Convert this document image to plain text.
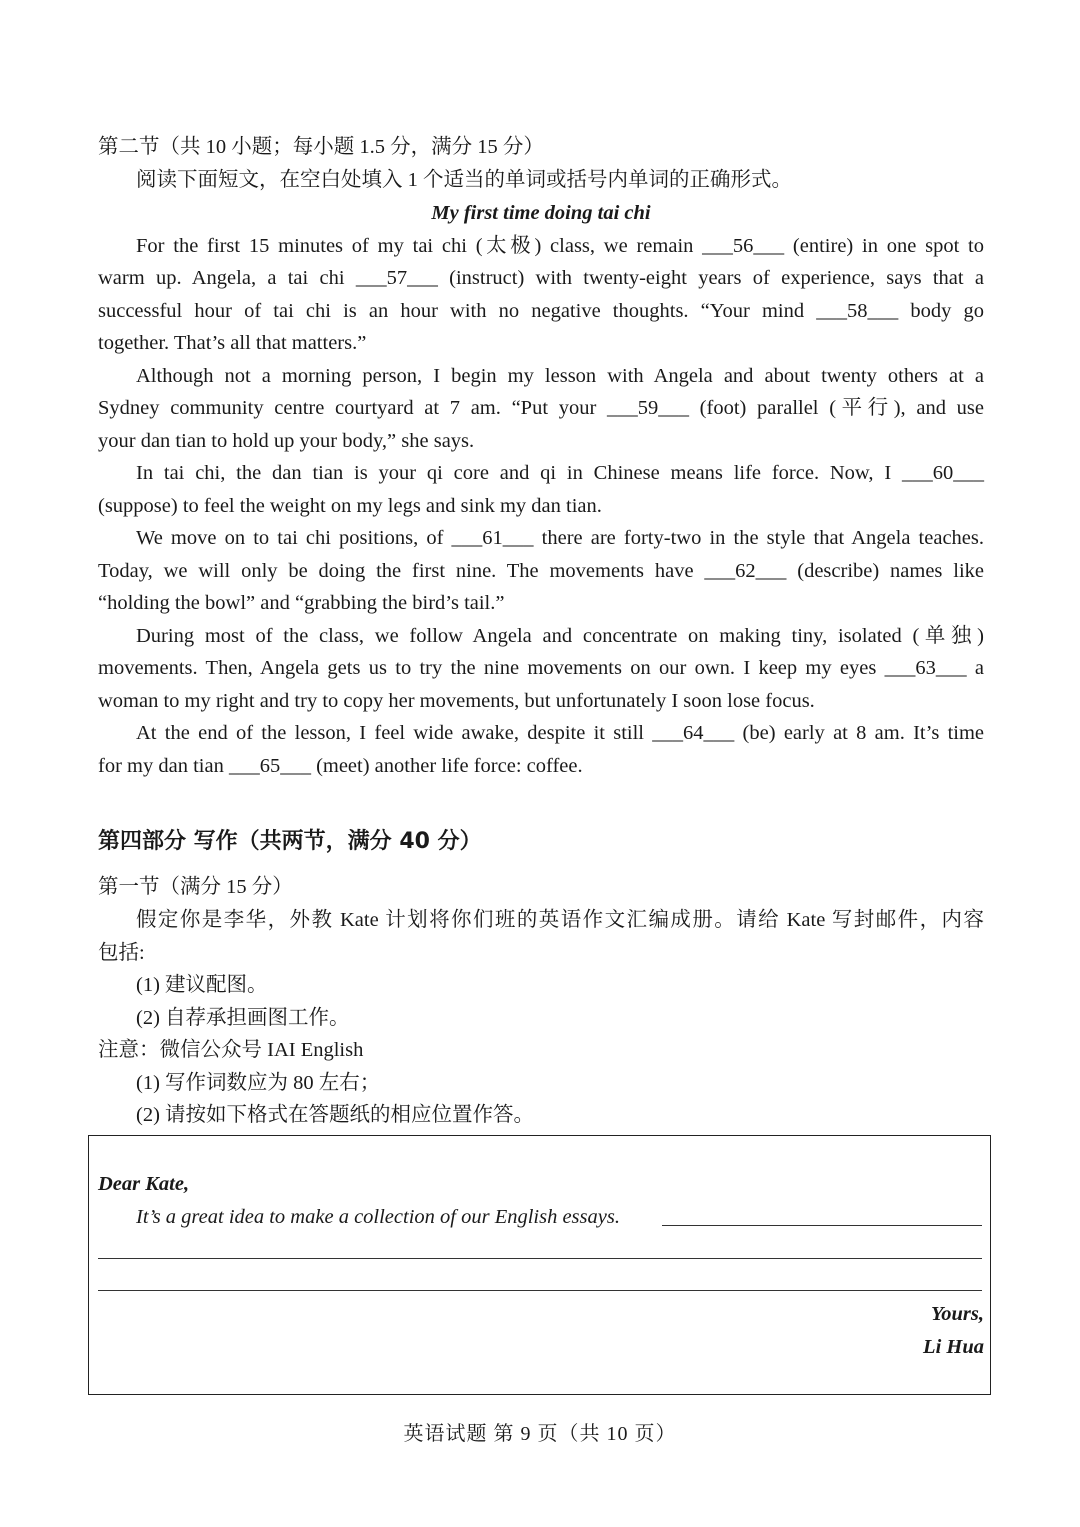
第二节（共 10 小题；每小题 1.5 分，满分 15 分）
阅读下面短文，在空白处填入 1 个适当的单词或括号内单词的正确形式。
My first time doing tai chi
For the first 15 minutes of my tai chi (太极) class, we remain ___56___ (entire) in one spot to
warm up. Angela, a tai chi ___57___ (instruct) with twenty-eight years of experience, says that a
successful hour of tai chi is an hour with no negative thoughts. “Your mind ___58___ body go
together. That’s all that matters.”
Although not a morning person, I begin my lesson with Angela and about twenty others at a
Sydney community centre courtyard at 7 am. “Put your ___59___ (foot) parallel (平行), and use
your dan tian to hold up your body,” she says.
In tai chi, the dan tian is your qi core and qi in Chinese means life force. Now, I ___60___
(suppose) to feel the weight on my legs and sink my dan tian.
We move on to tai chi positions, of ___61___ there are forty-two in the style that Angela teaches.
Today, we will only be doing the first nine. The movements have ___62___ (describe) names like
“holding the bowl” and “grabbing the bird’s tail.”
During most of the class, we follow Angela and concentrate on making tiny, isolated (单独)
movements. Then, Angela gets us to try the nine movements on our own. I keep my eyes ___63___ a
woman to my right and try to copy her movements, but unfortunately I soon lose focus.
At the end of the lesson, I feel wide awake, despite it still ___64___ (be) early at 8 am. It’s time
for my dan tian ___65___ (meet) another life force: coffee.
第四部分 写作（共两节，满分 40 分）
第一节（满分 15 分）
假定你是李华，外教 Kate 计划将你们班的英语作文汇编成册。请给 Kate 写封邮件，内容
包括:
(1) 建议配图。
(2) 自荐承担画图工作。
注意：微信公众号 IAI English
(1) 写作词数应为 80 左右；
(2) 请按如下格式在答题纸的相应位置作答。
Dear Kate,
It’s a great idea to make a collection of our English essays.
Yours,
Li Hua
英语试题 第 9 页（共 10 页）
